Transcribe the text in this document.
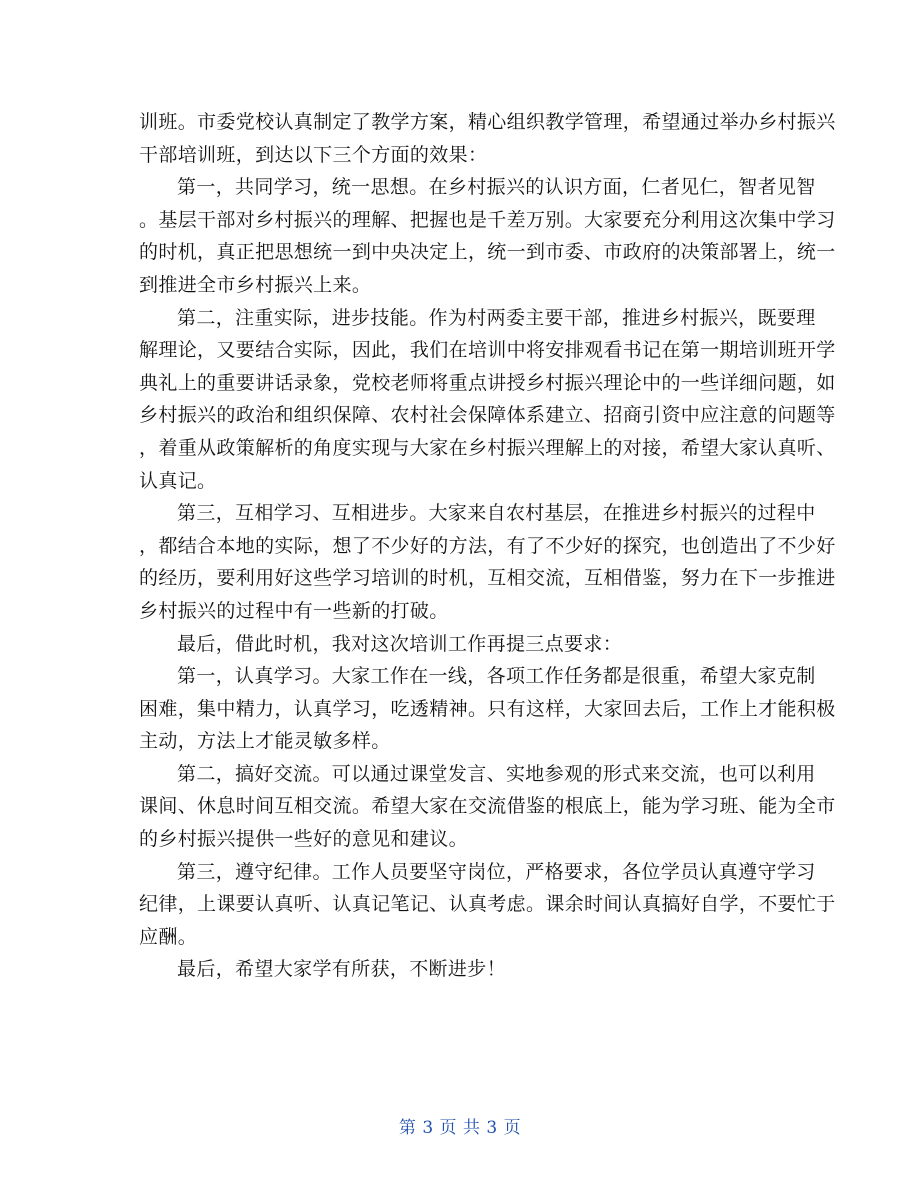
训班。市委党校认真制定了教学方案，精心组织教学管理，希望通过举办乡村振兴
干部培训班，到达以下三个方面的效果：
第一，共同学习，统一思想。在乡村振兴的认识方面，仁者见仁，智者见智
。基层干部对乡村振兴的理解、把握也是千差万别。大家要充分利用这次集中学习
的时机，真正把思想统一到中央决定上，统一到市委、市政府的决策部署上，统一
到推进全市乡村振兴上来。
第二，注重实际，进步技能。作为村两委主要干部，推进乡村振兴，既要理
解理论，又要结合实际，因此，我们在培训中将安排观看书记在第一期培训班开学
典礼上的重要讲话录象，党校老师将重点讲授乡村振兴理论中的一些详细问题，如
乡村振兴的政治和组织保障、农村社会保障体系建立、招商引资中应注意的问题等
，着重从政策解析的角度实现与大家在乡村振兴理解上的对接，希望大家认真听、
认真记。
第三，互相学习、互相进步。大家来自农村基层，在推进乡村振兴的过程中
，都结合本地的实际，想了不少好的方法，有了不少好的探究，也创造出了不少好
的经历，要利用好这些学习培训的时机，互相交流，互相借鉴，努力在下一步推进
乡村振兴的过程中有一些新的打破。
最后，借此时机，我对这次培训工作再提三点要求：
第一，认真学习。大家工作在一线，各项工作任务都是很重，希望大家克制
困难，集中精力，认真学习，吃透精神。只有这样，大家回去后，工作上才能积极
主动，方法上才能灵敏多样。
第二，搞好交流。可以通过课堂发言、实地参观的形式来交流，也可以利用
课间、休息时间互相交流。希望大家在交流借鉴的根底上，能为学习班、能为全市
的乡村振兴提供一些好的意见和建议。
第三，遵守纪律。工作人员要坚守岗位，严格要求，各位学员认真遵守学习
纪律，上课要认真听、认真记笔记、认真考虑。课余时间认真搞好自学，不要忙于
应酬。
最后，希望大家学有所获，不断进步！
第 3 页 共 3 页
